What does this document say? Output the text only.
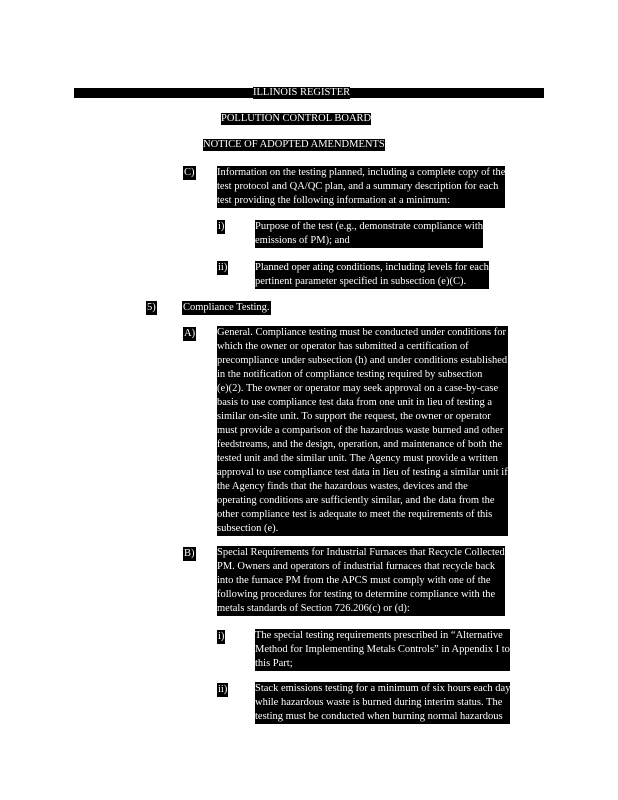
ILLINOIS REGISTER
POLLUTION CONTROL BOARD
NOTICE OF ADOPTED AMENDMENTS
C) Information on the testing planned, including a complete copy of the
test protocol and QA/QC plan, and a summary description for each
test providing the following information at a minimum:
i)	Purpose of the test (e.g., demonstrate compliance with
emissions of PM); and
ii)	Planned oper ating conditions, including levels for each
pertinent parameter specified in subsection (e)(C).
5)	Compliance Testing.
A) General. Compliance testing must be conducted under conditions for
which the owner or operator has submitted a certification of
precompliance under subsection (h) and under conditions established
in the notification of compliance testing required by subsection
(e)(2). The owner or operator may seek approval on a case-by-case
basis to use compliance test data from one unit in lieu of testing a
similar on-site unit. To support the request, the owner or operator
must provide a comparison of the hazardous waste burned and other
feedstreams, and the design, operation, and maintenance of both the
tested unit and the similar unit. The Agency must provide a written
approval to use compliance test data in lieu of testing a similar unit if
the Agency finds that the hazardous wastes, devices and the
operating conditions are sufficiently similar, and the data from the
other compliance test is adequate to meet the requirements of this
subsection (e).
B) Special Requirements for Industrial Furnaces that Recycle Collected
PM. Owners and operators of industrial furnaces that recycle back
into the furnace PM from the APCS must comply with one of the
following procedures for testing to determine compliance with the
metals standards of Section 726.206(c) or (d):
i)	The special testing requirements prescribed in “Alternative
Method for Implementing Metals Controls” in Appendix I to
this Part;
ii)	Stack emissions testing for a minimum of six hours each day
while hazardous waste is burned during interim status. The
testing must be conducted when burning normal hazardous
